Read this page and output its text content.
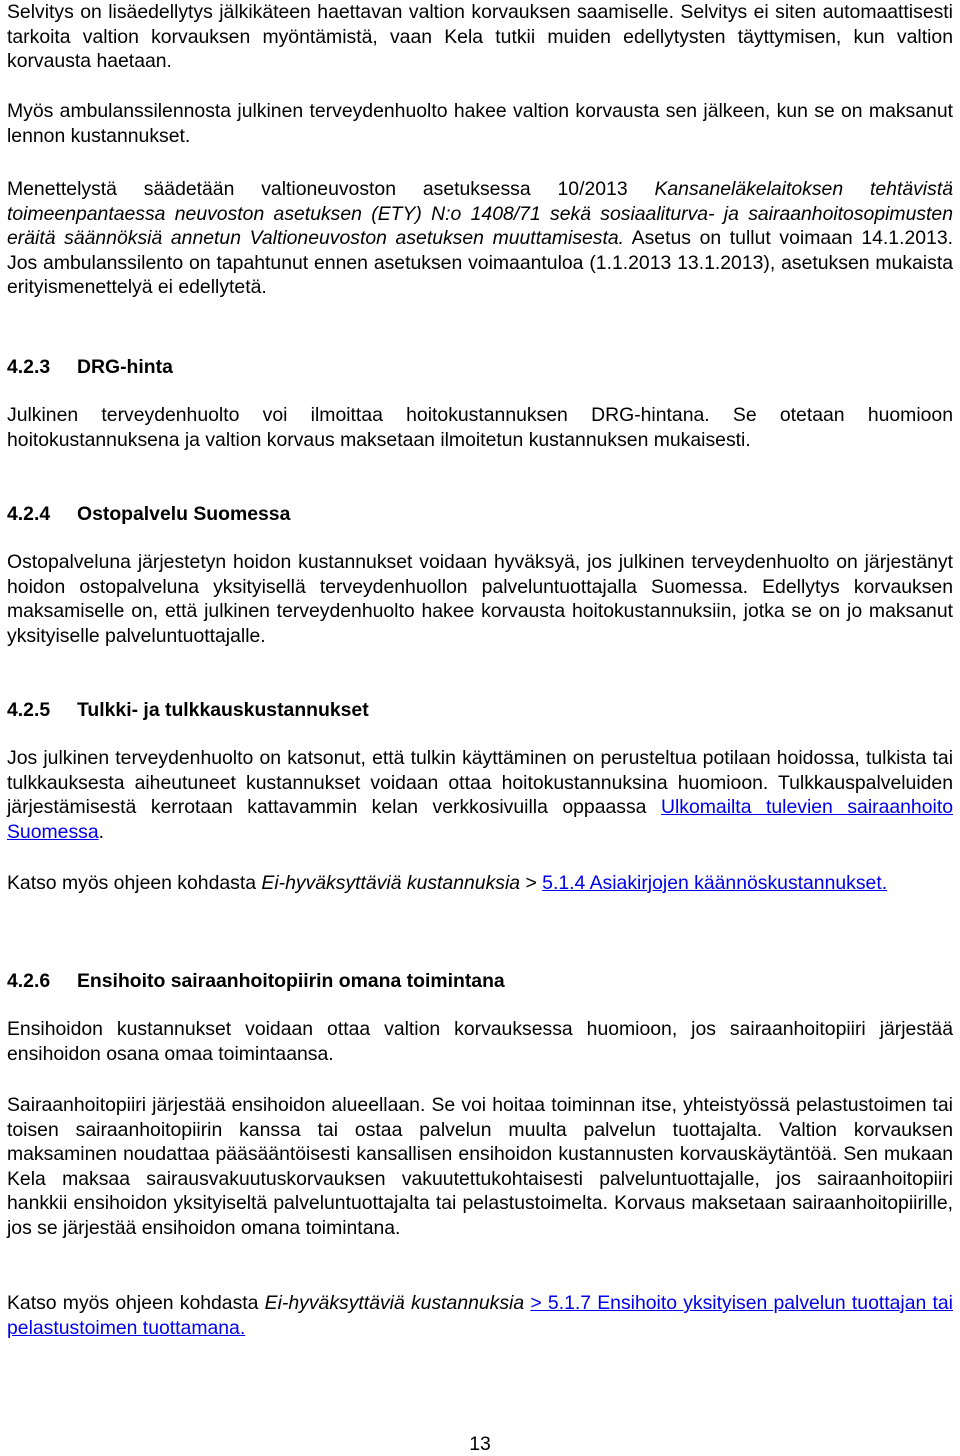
Selvitys on lisäedellytys jälkikäteen haettavan valtion korvauksen saamiselle. Selvitys ei siten automaattisesti tarkoita valtion korvauksen myöntämistä, vaan Kela tutkii muiden edellytysten täyttymisen, kun valtion korvausta haetaan.

Myös ambulanssilennosta julkinen terveydenhuolto hakee valtion korvausta sen jälkeen, kun se on maksanut lennon kustannukset.

Menettelystä säädetään valtioneuvoston asetuksessa 10/2013 Kansaneläkelaitoksen tehtävistä toimeenpantaessa neuvoston asetuksen (ETY) N:o 1408/71 sekä sosiaaliturva- ja sairaanhoitosopimusten eräitä säännöksiä annetun Valtioneuvoston asetuksen muuttamisesta. Asetus on tullut voimaan 14.1.2013. Jos ambulanssilento on tapahtunut ennen asetuksen voimaantuloa (1.1.2013 13.1.2013), asetuksen mukaista erityismenettelyä ei edellytetä.

4.2.3 DRG-hinta

Julkinen terveydenhuolto voi ilmoittaa hoitokustannuksen DRG-hintana. Se otetaan huomioon hoitokustannuksena ja valtion korvaus maksetaan ilmoitetun kustannuksen mukaisesti.

4.2.4 Ostopalvelu Suomessa

Ostopalveluna järjestetyn hoidon kustannukset voidaan hyväksyä, jos julkinen terveydenhuolto on järjestänyt hoidon ostopalveluna yksityisellä terveydenhuollon palveluntuottajalla Suomessa. Edellytys korvauksen maksamiselle on, että julkinen terveydenhuolto hakee korvausta hoitokustannuksiin, jotka se on jo maksanut yksityiselle palveluntuottajalle.

4.2.5 Tulkki- ja tulkkauskustannukset

Jos julkinen terveydenhuolto on katsonut, että tulkin käyttäminen on perusteltua potilaan hoidossa, tulkista tai tulkkauksesta aiheutuneet kustannukset voidaan ottaa hoitokustannuksina huomioon. Tulkkauspalveluiden järjestämisestä kerrotaan kattavammin kelan verkkosivuilla oppaassa Ulkomailta tulevien sairaanhoito Suomessa.

Katso myös ohjeen kohdasta Ei-hyväksyttäviä kustannuksia > 5.1.4 Asiakirjojen käännöskustannukset.

4.2.6 Ensihoito sairaanhoitopiirin omana toimintana

Ensihoidon kustannukset voidaan ottaa valtion korvauksessa huomioon, jos sairaanhoitopiiri järjestää ensihoidon osana omaa toimintaansa.

Sairaanhoitopiiri järjestää ensihoidon alueellaan. Se voi hoitaa toiminnan itse, yhteistyössä pelastustoimen tai toisen sairaanhoitopiirin kanssa tai ostaa palvelun muulta palvelun tuottajalta. Valtion korvauksen maksaminen noudattaa pääsääntöisesti kansallisen ensihoidon kustannusten korvauskäytäntöä. Sen mukaan Kela maksaa sairausvakuutuskorvauksen vakuutettukohtaisesti palveluntuottajalle, jos sairaanhoitopiiri hankkii ensihoidon yksityiseltä palveluntuottajalta tai pelastustoimelta. Korvaus maksetaan sairaanhoitopiirille, jos se järjestää ensihoidon omana toimintana.

Katso myös ohjeen kohdasta Ei-hyväksyttäviä kustannuksia > 5.1.7 Ensihoito yksityisen palvelun tuottajan tai pelastustoimen tuottamana.

13
